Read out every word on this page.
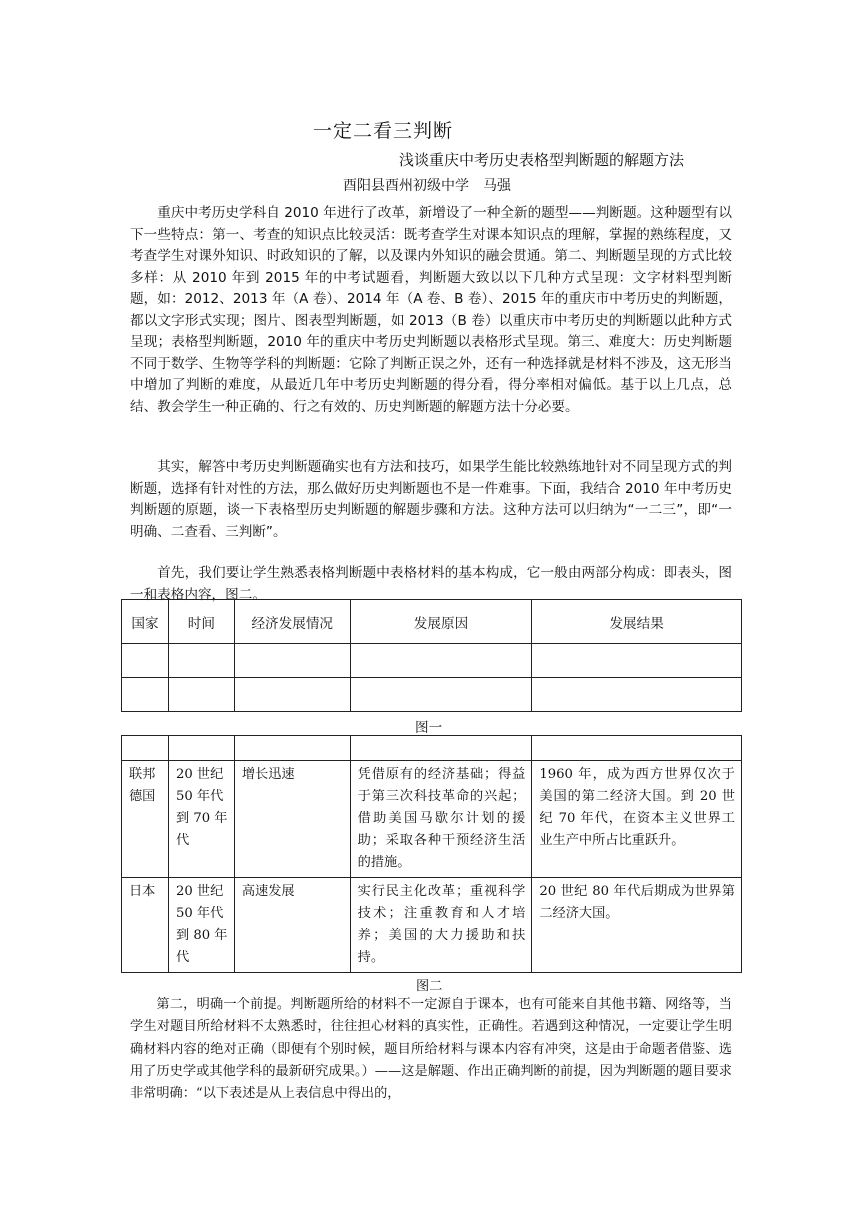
一定二看三判断
浅谈重庆中考历史表格型判断题的解题方法
酉阳县酉州初级中学　马强

重庆中考历史学科自 2010 年进行了改革，新增设了一种全新的题型——判断题。这种题型有以下一些特点：第一、考查的知识点比较灵活：既考查学生对课本知识点的理解，掌握的熟练程度，又考查学生对课外知识、时政知识的了解，以及课内外知识的融会贯通。第二、判断题呈现的方式比较多样：从 2010 年到 2015 年的中考试题看，判断题大致以以下几种方式呈现：文字材料型判断题，如：2012、2013 年（A 卷）、2014 年（A 卷、B 卷）、2015 年的重庆市中考历史的判断题，都以文字形式实现；图片、图表型判断题，如 2013（B 卷）以重庆市中考历史的判断题以此种方式呈现；表格型判断题，2010 年的重庆中考历史判断题以表格形式呈现。第三、难度大：历史判断题不同于数学、生物等学科的判断题：它除了判断正误之外，还有一种选择就是材料不涉及，这无形当中增加了判断的难度，从最近几年中考历史判断题的得分看，得分率相对偏低。基于以上几点，总结、教会学生一种正确的、行之有效的、历史判断题的解题方法十分必要。

其实，解答中考历史判断题确实也有方法和技巧，如果学生能比较熟练地针对不同呈现方式的判断题，选择有针对性的方法，那么做好历史判断题也不是一件难事。下面，我结合 2010 年中考历史判断题的原题，谈一下表格型历史判断题的解题步骤和方法。这种方法可以归纳为“一二三”，即“一明确、二查看、三判断”。

首先，我们要让学生熟悉表格判断题中表格材料的基本构成，它一般由两部分构成：即表头，图一和表格内容，图二。

国家	时间	经济发展情况	发展原因	发展结果

图一

联邦德国	20 世纪 50 年代到 70 年代	增长迅速	凭借原有的经济基础；得益于第三次科技革命的兴起；借助美国马歇尔计划的援助；采取各种干预经济生活的措施。	1960 年，成为西方世界仅次于美国的第二经济大国。到 20 世纪 70 年代，在资本主义世界工业生产中所占比重跃升。
日本	20 世纪 50 年代到 80 年代	高速发展	实行民主化改革；重视科学技术；注重教育和人才培养；美国的大力援助和扶持。	20 世纪 80 年代后期成为世界第二经济大国。
图二

第二，明确一个前提。判断题所给的材料不一定源自于课本，也有可能来自其他书籍、网络等，当学生对题目所给材料不太熟悉时，往往担心材料的真实性，正确性。若遇到这种情况，一定要让学生明确材料内容的绝对正确（即便有个别时候，题目所给材料与课本内容有冲突，这是由于命题者借鉴、选用了历史学或其他学科的最新研究成果。）——这是解题、作出正确判断的前提，因为判断题的题目要求非常明确：“以下表述是从上表信息中得出的，
